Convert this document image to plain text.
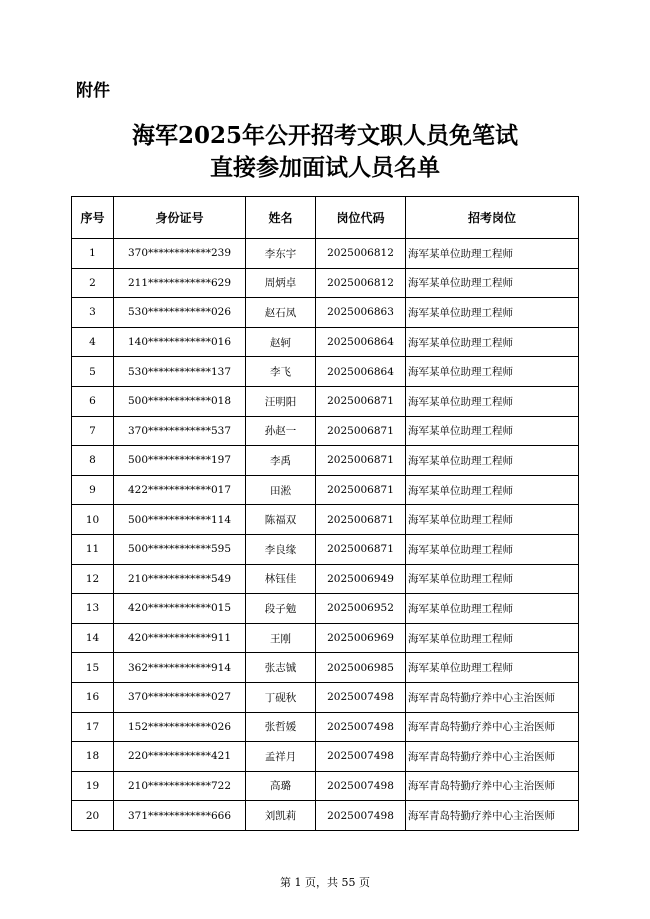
附件

海军2025年公开招考文职人员免笔试
直接参加面试人员名单
序号	身份证号	姓名	岗位代码	招考岗位
1	370************239	李东宇	2025006812	海军某单位助理工程师
2	211************629	周炳卓	2025006812	海军某单位助理工程师
3	530************026	赵石凤	2025006863	海军某单位助理工程师
4	140************016	赵轲	2025006864	海军某单位助理工程师
5	530************137	李飞	2025006864	海军某单位助理工程师
6	500************018	汪明阳	2025006871	海军某单位助理工程师
7	370************537	孙赵一	2025006871	海军某单位助理工程师
8	500************197	李禹	2025006871	海军某单位助理工程师
9	422************017	田淞	2025006871	海军某单位助理工程师
10	500************114	陈福双	2025006871	海军某单位助理工程师
11	500************595	李良缘	2025006871	海军某单位助理工程师
12	210************549	林钰佳	2025006949	海军某单位助理工程师
13	420************015	段子勉	2025006952	海军某单位助理工程师
14	420************911	王刚	2025006969	海军某单位助理工程师
15	362************914	张志铖	2025006985	海军某单位助理工程师
16	370************027	丁砚秋	2025007498	海军青岛特勤疗养中心主治医师
17	152************026	张哲媛	2025007498	海军青岛特勤疗养中心主治医师
18	220************421	孟祥月	2025007498	海军青岛特勤疗养中心主治医师
19	210************722	高璐	2025007498	海军青岛特勤疗养中心主治医师
20	371************666	刘凯莉	2025007498	海军青岛特勤疗养中心主治医师

第 1 页，共 55 页
